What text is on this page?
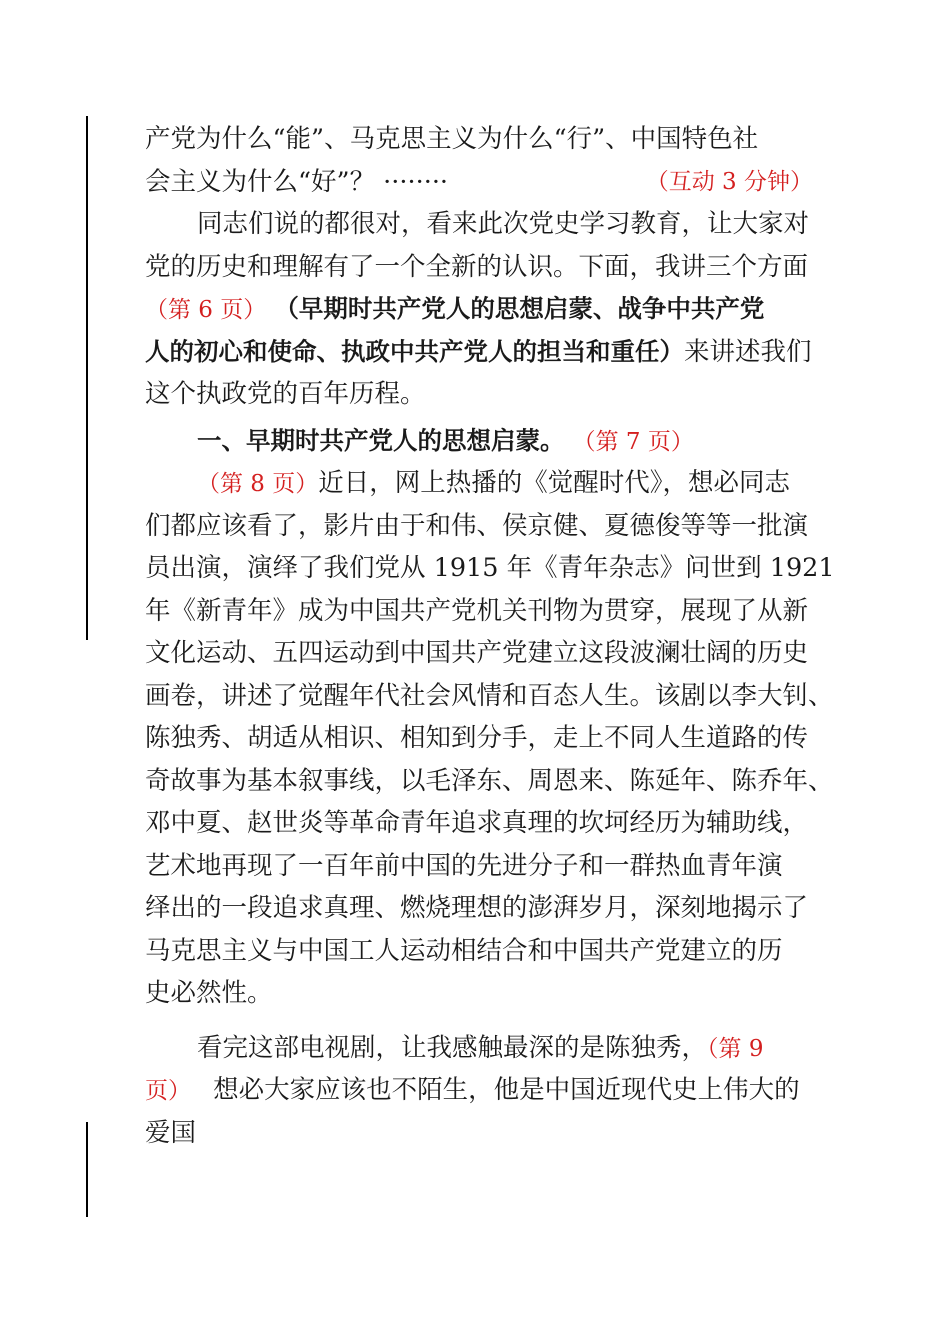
产党为什么“能”、马克思主义为什么“行”、中国特色社
会主义为什么“好”？ ········	（互动 3 分钟）
同志们说的都很对，看来此次党史学习教育，让大家对
党的历史和理解有了一个全新的认识。下面，我讲三个方面
（第 6 页） （早期时共产党人的思想启蒙、战争中共产党
人的初心和使命、执政中共产党人的担当和重任）来讲述我们
这个执政党的百年历程。
一、早期时共产党人的思想启蒙。 （第 7 页）
（第 8 页）近日，网上热播的《觉醒时代》，想必同志
们都应该看了，影片由于和伟、侯京健、夏德俊等等一批演
员出演，演绎了我们党从 1915 年《青年杂志》问世到 1921
年《新青年》成为中国共产党机关刊物为贯穿，展现了从新
文化运动、五四运动到中国共产党建立这段波澜壮阔的历史
画卷，讲述了觉醒年代社会风情和百态人生。该剧以李大钊、
陈独秀、胡适从相识、相知到分手，走上不同人生道路的传
奇故事为基本叙事线，以毛泽东、周恩来、陈延年、陈乔年、
邓中夏、赵世炎等革命青年追求真理的坎坷经历为辅助线，
艺术地再现了一百年前中国的先进分子和一群热血青年演
绎出的一段追求真理、燃烧理想的澎湃岁月，深刻地揭示了
马克思主义与中国工人运动相结合和中国共产党建立的历
史必然性。
看完这部电视剧，让我感触最深的是陈独秀，（第 9
页） 想必大家应该也不陌生，他是中国近现代史上伟大的
爱国
